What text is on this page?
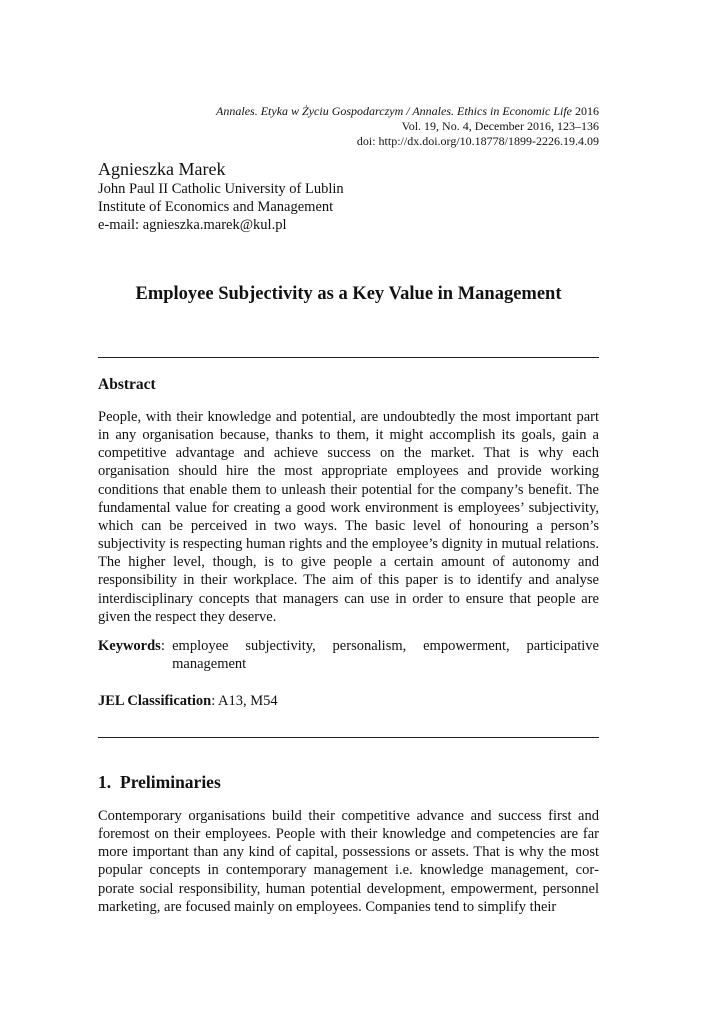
Annales. Etyka w Życiu Gospodarczym / Annales. Ethics in Economic Life 2016
Vol. 19, No. 4, December 2016, 123–136
doi: http://dx.doi.org/10.18778/1899-2226.19.4.09
Agnieszka Marek
John Paul II Catholic University of Lublin
Institute of Economics and Management
e-mail: agnieszka.marek@kul.pl
Employee Subjectivity as a Key Value in Management
Abstract

People, with their knowledge and potential, are undoubtedly the most important part in any organisation because, thanks to them, it might accomplish its goals, gain a competitive advantage and achieve success on the market. That is why each organisation should hire the most appropriate employees and provide working conditions that enable them to unleash their potential for the company’s benefit. The fundamental value for creating a good work environment is employees’ subjectivity, which can be perceived in two ways. The basic level of honouring a person’s subjectivity is respecting human rights and the employee’s dignity in mutual relations. The higher level, though, is to give people a certain amount of autonomy and responsibility in their workplace. The aim of this paper is to identify and analyse interdisciplinary concepts that managers can use in order to ensure that people are given the respect they deserve.

Keywords : employee subjectivity, personalism, empowerment, participative management
JEL Classification: A13, M54
1. Preliminaries

Contemporary organisations build their competitive advance and success first and foremost on their employees. People with their knowledge and competencies are far more important than any kind of capital, possessions or assets. That is why the most popular concepts in contemporary management i.e. knowledge management, corporate social responsibility, human potential development, empowerment, personnel marketing, are focused mainly on employees. Companies tend to simplify their
